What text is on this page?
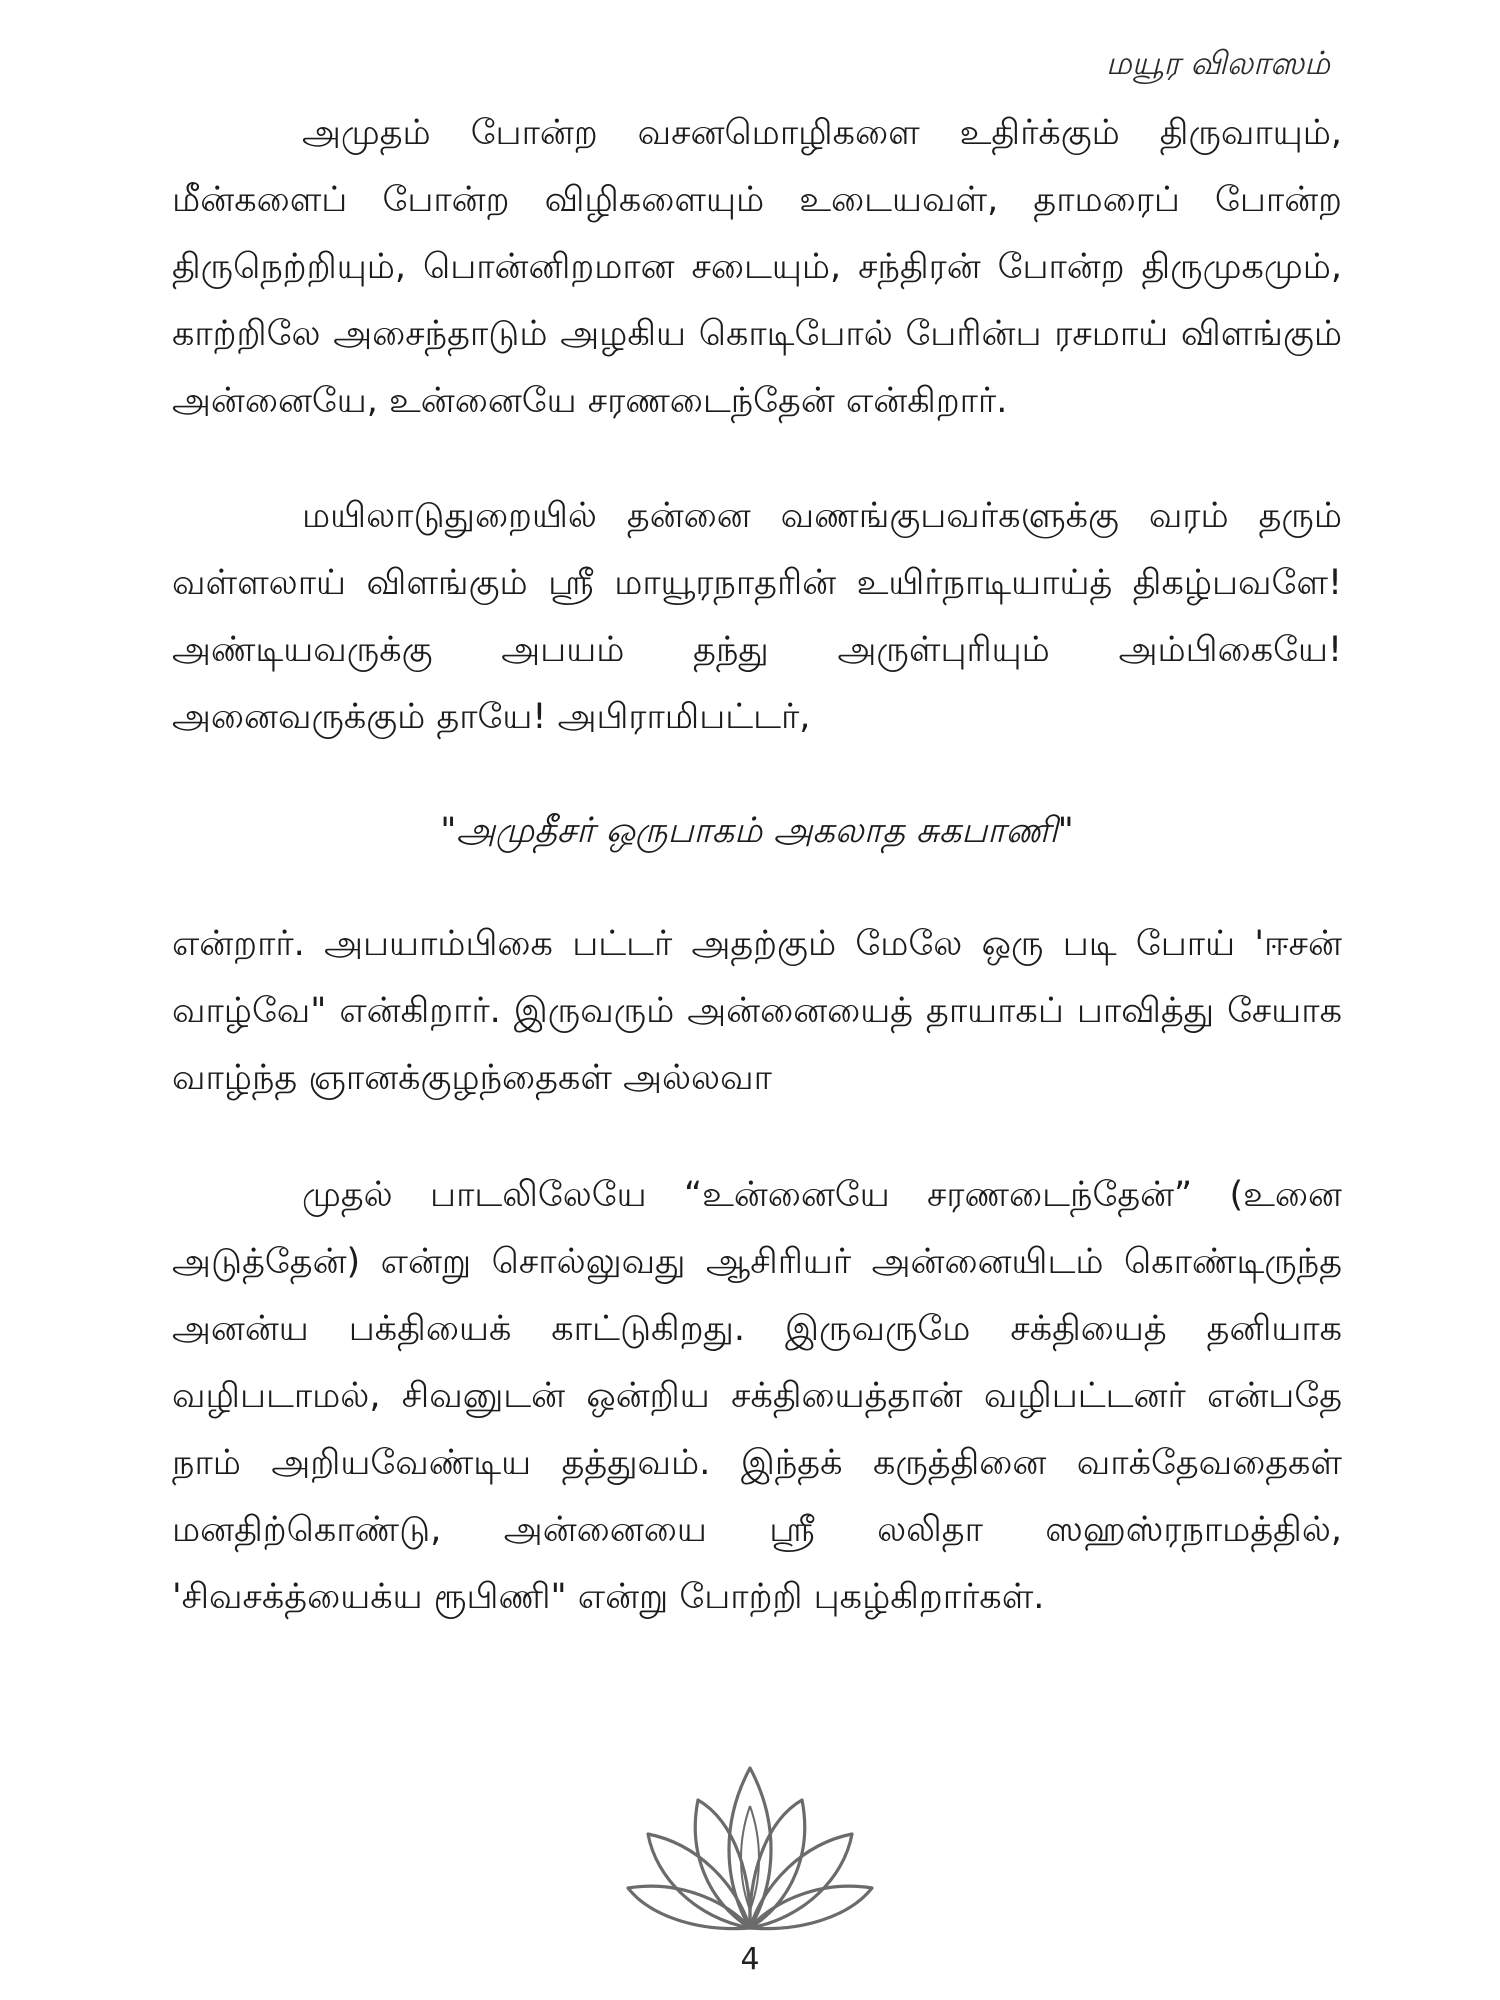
மயூர விலாஸம்

அமுதம் போன்ற வசனமொழிகளை உதிர்க்கும் திருவாயும், மீன்களைப் போன்ற விழிகளையும் உடையவள், தாமரைப் போன்ற திருநெற்றியும், பொன்னிறமான சடையும், சந்திரன் போன்ற திருமுகமும், காற்றிலே அசைந்தாடும் அழகிய கொடிபோல் பேரின்ப ரசமாய் விளங்கும் அன்னையே, உன்னையே சரணடைந்தேன் என்கிறார்.

மயிலாடுதுறையில் தன்னை வணங்குபவர்களுக்கு வரம் தரும் வள்ளலாய் விளங்கும் ஸ்ரீ மாயூரநாதரின் உயிர்நாடியாய்த் திகழ்பவளே! அண்டியவருக்கு அபயம் தந்து அருள்புரியும் அம்பிகையே! அனைவருக்கும் தாயே! அபிராமிபட்டர்,

"அமுதீசர் ஒருபாகம் அகலாத சுகபாணி"

என்றார். அபயாம்பிகை பட்டர் அதற்கும் மேலே ஒரு படி போய் 'ஈசன் வாழ்வே" என்கிறார். இருவரும் அன்னையைத் தாயாகப் பாவித்து சேயாக வாழ்ந்த ஞானக்குழந்தைகள் அல்லவா

முதல் பாடலிலேயே “உன்னையே சரணடைந்தேன்” (உனை அடுத்தேன்) என்று சொல்லுவது ஆசிரியர் அன்னையிடம் கொண்டிருந்த அனன்ய பக்தியைக் காட்டுகிறது. இருவருமே சக்தியைத் தனியாக வழிபடாமல், சிவனுடன் ஒன்றிய சக்தியைத்தான் வழிபட்டனர் என்பதே நாம் அறியவேண்டிய தத்துவம். இந்தக் கருத்தினை வாக்தேவதைகள் மனதிற்கொண்டு, அன்னையை ஸ்ரீ லலிதா ஸஹஸ்ரநாமத்தில், 'சிவசக்த்யைக்ய ரூபிணி" என்று போற்றி புகழ்கிறார்கள்.

4
